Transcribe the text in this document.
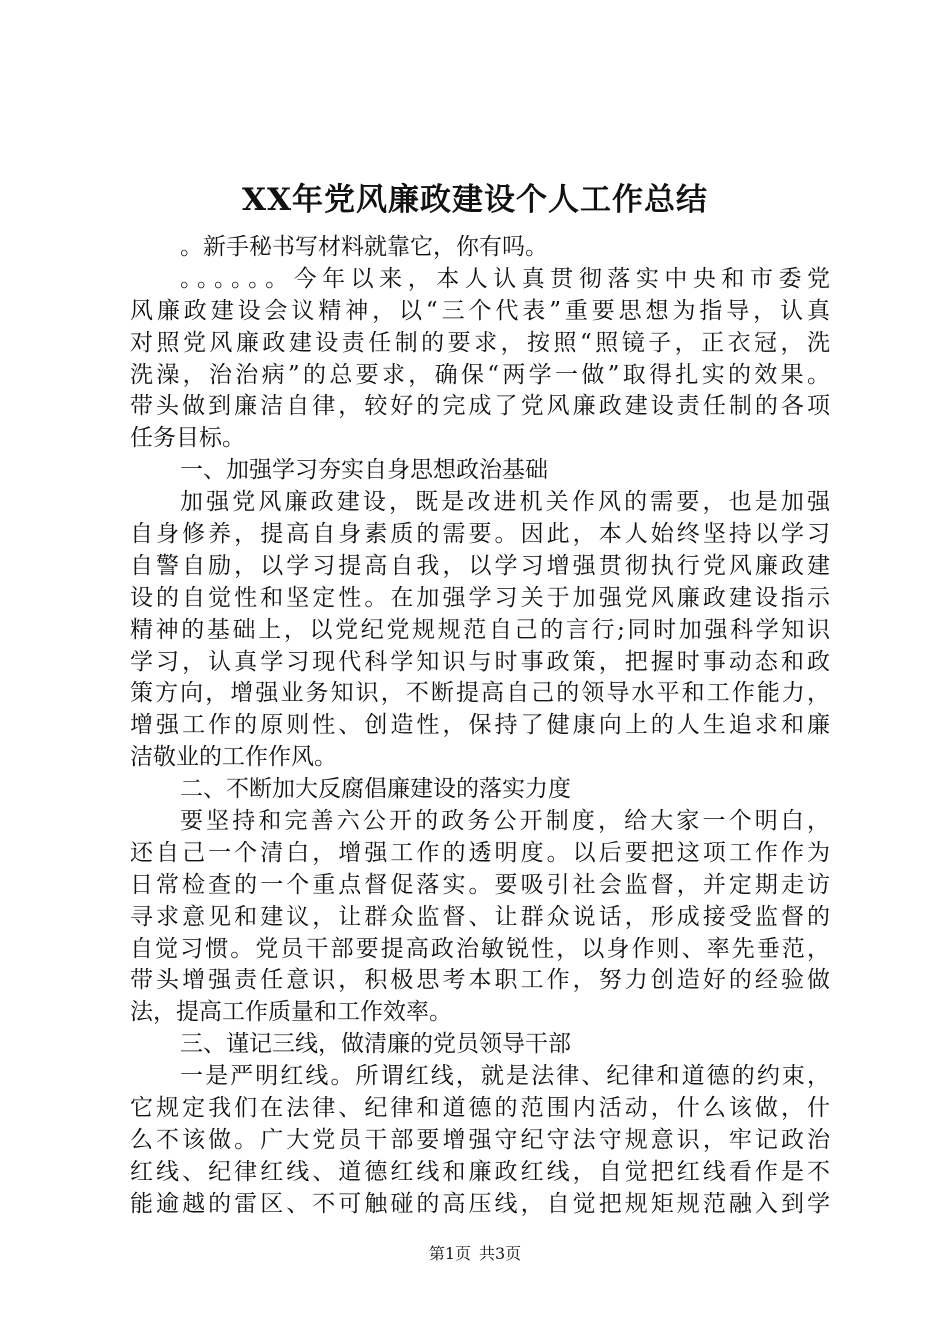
XX年党风廉政建设个人工作总结
。新手秘书写材料就靠它，你有吗。
。。。。。。今年以来，本人认真贯彻落实中央和市委党
风廉政建设会议精神，以“三个代表”重要思想为指导，认真
对照党风廉政建设责任制的要求，按照“照镜子，正衣冠，洗
洗澡，治治病”的总要求，确保“两学一做”取得扎实的效果。
带头做到廉洁自律，较好的完成了党风廉政建设责任制的各项
任务目标。
一、加强学习夯实自身思想政治基础
加强党风廉政建设，既是改进机关作风的需要，也是加强
自身修养，提高自身素质的需要。因此，本人始终坚持以学习
自警自励，以学习提高自我，以学习增强贯彻执行党风廉政建
设的自觉性和坚定性。在加强学习关于加强党风廉政建设指示
精神的基础上，以党纪党规规范自己的言行;同时加强科学知识
学习，认真学习现代科学知识与时事政策，把握时事动态和政
策方向，增强业务知识，不断提高自己的领导水平和工作能力，
增强工作的原则性、创造性，保持了健康向上的人生追求和廉
洁敬业的工作作风。
二、不断加大反腐倡廉建设的落实力度
要坚持和完善六公开的政务公开制度，给大家一个明白，
还自己一个清白，增强工作的透明度。以后要把这项工作作为
日常检查的一个重点督促落实。要吸引社会监督，并定期走访
寻求意见和建议，让群众监督、让群众说话，形成接受监督的
自觉习惯。党员干部要提高政治敏锐性，以身作则、率先垂范，
带头增强责任意识，积极思考本职工作，努力创造好的经验做
法，提高工作质量和工作效率。
三、谨记三线，做清廉的党员领导干部
一是严明红线。所谓红线，就是法律、纪律和道德的约束，
它规定我们在法律、纪律和道德的范围内活动，什么该做，什
么不该做。广大党员干部要增强守纪守法守规意识，牢记政治
红线、纪律红线、道德红线和廉政红线，自觉把红线看作是不
能逾越的雷区、不可触碰的高压线，自觉把规矩规范融入到学
第1页 共3页
